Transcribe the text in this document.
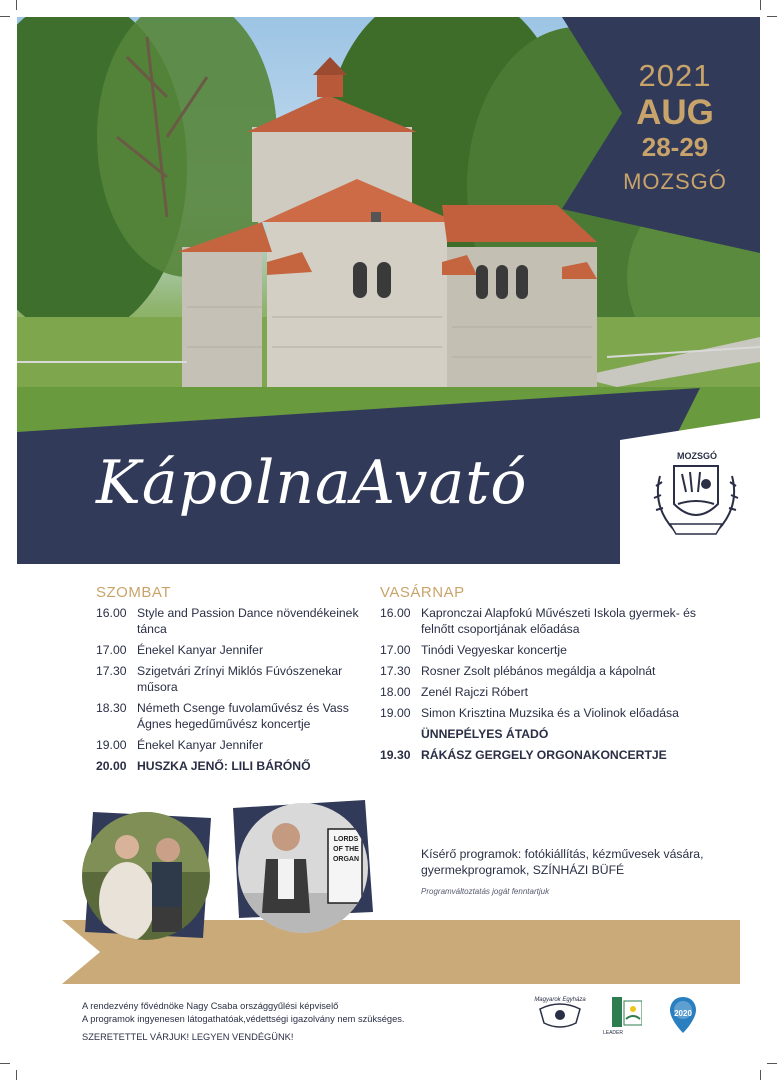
2021
AUG
28-29
MOZSGÓ
KápolnaAvató	MOZSGÓ
SZOMBAT
16.00 Style and Passion Dance növendékeinek tánca
17.00 Énekel Kanyar Jennifer
17.30 Szigetvári Zrínyi Miklós Fúvószenekar műsora
18.30 Németh Csenge fuvolaművész és Vass Ágnes hegedűművész koncertje
19.00 Énekel Kanyar Jennifer
20.00 HUSZKA JENŐ: LILI BÁRÓNŐ
VASÁRNAP
16.00 Kapronczai Alapfokú Művészeti Iskola gyermek- és felnőtt csoportjának előadása
17.00 Tinódi Vegyeskar koncertje
17.30 Rosner Zsolt plébános megáldja a kápolnát
18.00 Zenél Rajczi Róbert
19.00 Simon Krisztina Muzsika és a Violinok előadása
ÜNNEPÉLYES ÁTADÓ
19.30 RÁKÁSZ GERGELY ORGONAKONCERTJE
LORDS OF THE ORGAN	Kísérő programok: fotókiállítás, kézművesek vására, gyermekprogramok, SZÍNHÁZI BÜFÉ
Programváltoztatás jogát fenntartjuk
A rendezvény fővédnöke Nagy Csaba országgyűlési képviselő
A programok ingyenesen látogathatóak,védettségi igazolvány nem szükséges.
SZERETETTEL VÁRJUK! LEGYEN VENDÉGÜNK!
Magyarok Egyháza
LEADER
2020
